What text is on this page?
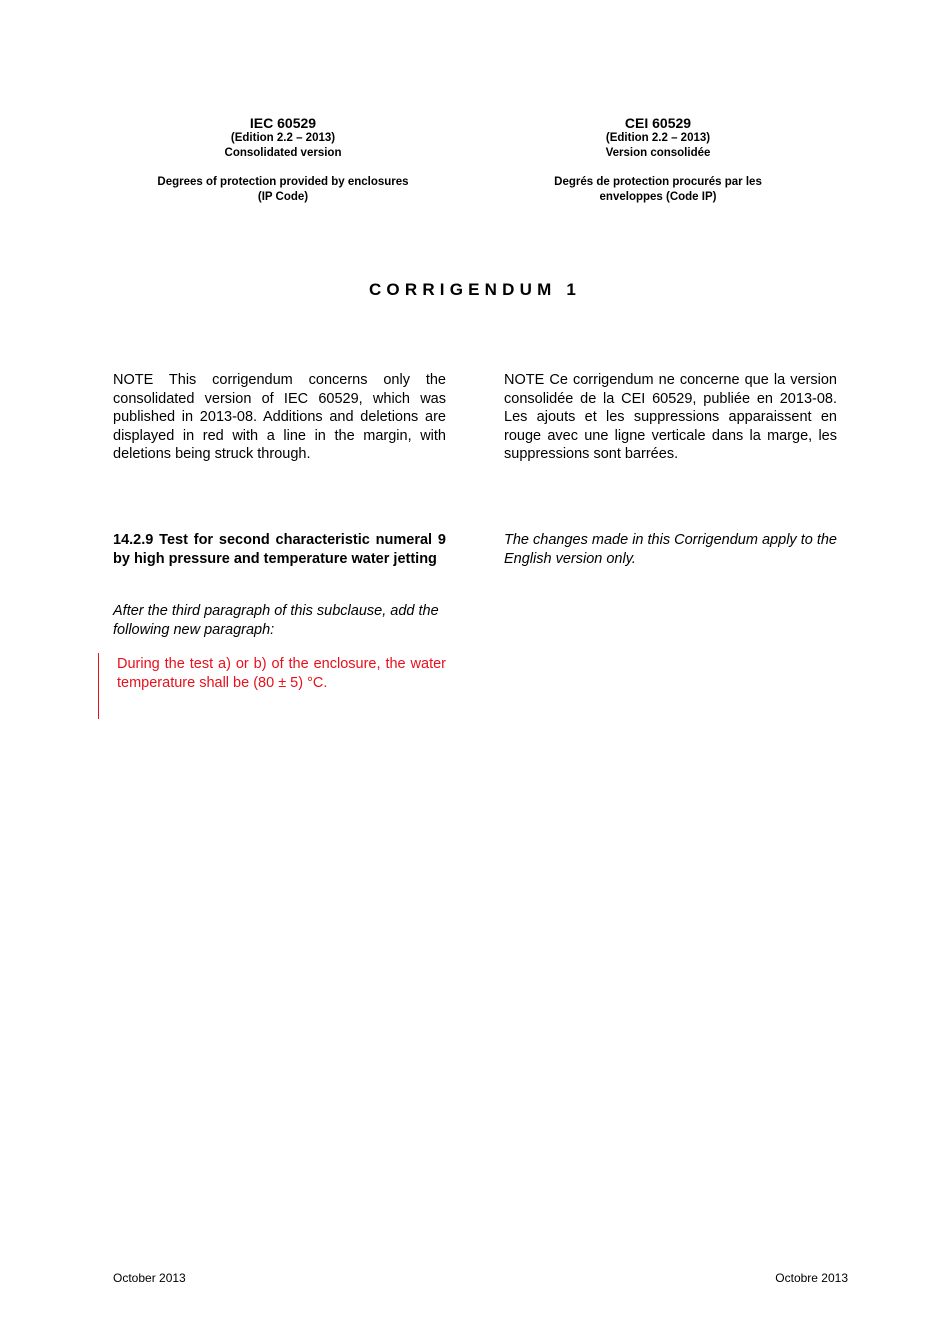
IEC 60529
(Edition 2.2 – 2013)
Consolidated version
Degrees of protection provided by enclosures
(IP Code)
CEI 60529
(Edition 2.2 – 2013)
Version consolidée
Degrés de protection procurés par les
enveloppes (Code IP)
CORRIGENDUM 1
NOTE This corrigendum concerns only the consolidated version of IEC 60529, which was published in 2013-08. Additions and deletions are displayed in red with a line in the margin, with deletions being struck through.
NOTE Ce corrigendum ne concerne que la version consolidée de la CEI 60529, publiée en 2013-08. Les ajouts et les suppressions apparaissent en rouge avec une ligne verticale dans la marge, les suppressions sont barrées.
14.2.9 Test for second characteristic numeral 9 by high pressure and temperature water jetting
The changes made in this Corrigendum apply to the English version only.
After the third paragraph of this subclause, add the following new paragraph:
During the test a) or b) of the enclosure, the water temperature shall be (80 ± 5) °C.
October 2013	Octobre 2013
